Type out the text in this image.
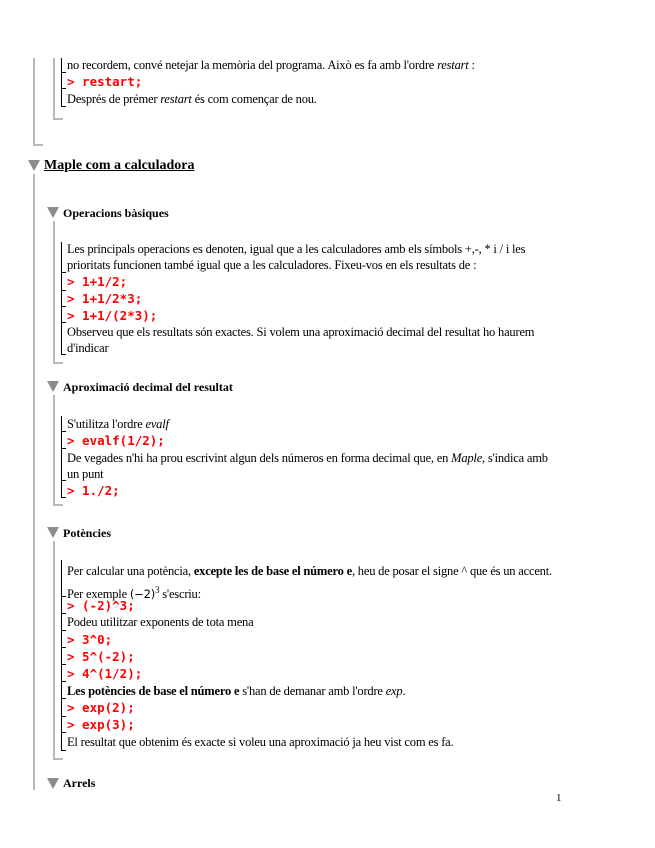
no recordem, convé netejar la memòria del programa. Això es fa amb l'ordre restart :
> restart;
Després de prémer restart és com començar de nou.
Maple com a calculadora
Operacions bàsiques
Les principals operacions es denoten, igual que a les calculadores amb els símbols +,-, * i / i les prioritats funcionen també igual que a les calculadores. Fixeu-vos en els resultats de :
> 1+1/2;
> 1+1/2*3;
> 1+1/(2*3);
Observeu que els resultats són exactes. Si volem una aproximació decimal del resultat ho haurem d'indicar
Aproximació decimal del resultat
S'utilitza l'ordre evalf
> evalf(1/2);
De vegades n'hi ha prou escrivint algun dels números en forma decimal que, en Maple, s'indica amb un punt
> 1./2;
Potències
Per calcular una potència, excepte les de base el número e, heu de posar el signe ^ que és un accent. Per exemple $(-2)^3$ s'escriu:
> (-2)^3;
Podeu utilitzar exponents de tota mena
> 3^0;
> 5^(-2);
> 4^(1/2);
Les potències de base el número e s'han de demanar amb l'ordre exp.
> exp(2);
> exp(3);
El resultat que obtenim és exacte si voleu una aproximació ja heu vist com es fa.
Arrels
1
